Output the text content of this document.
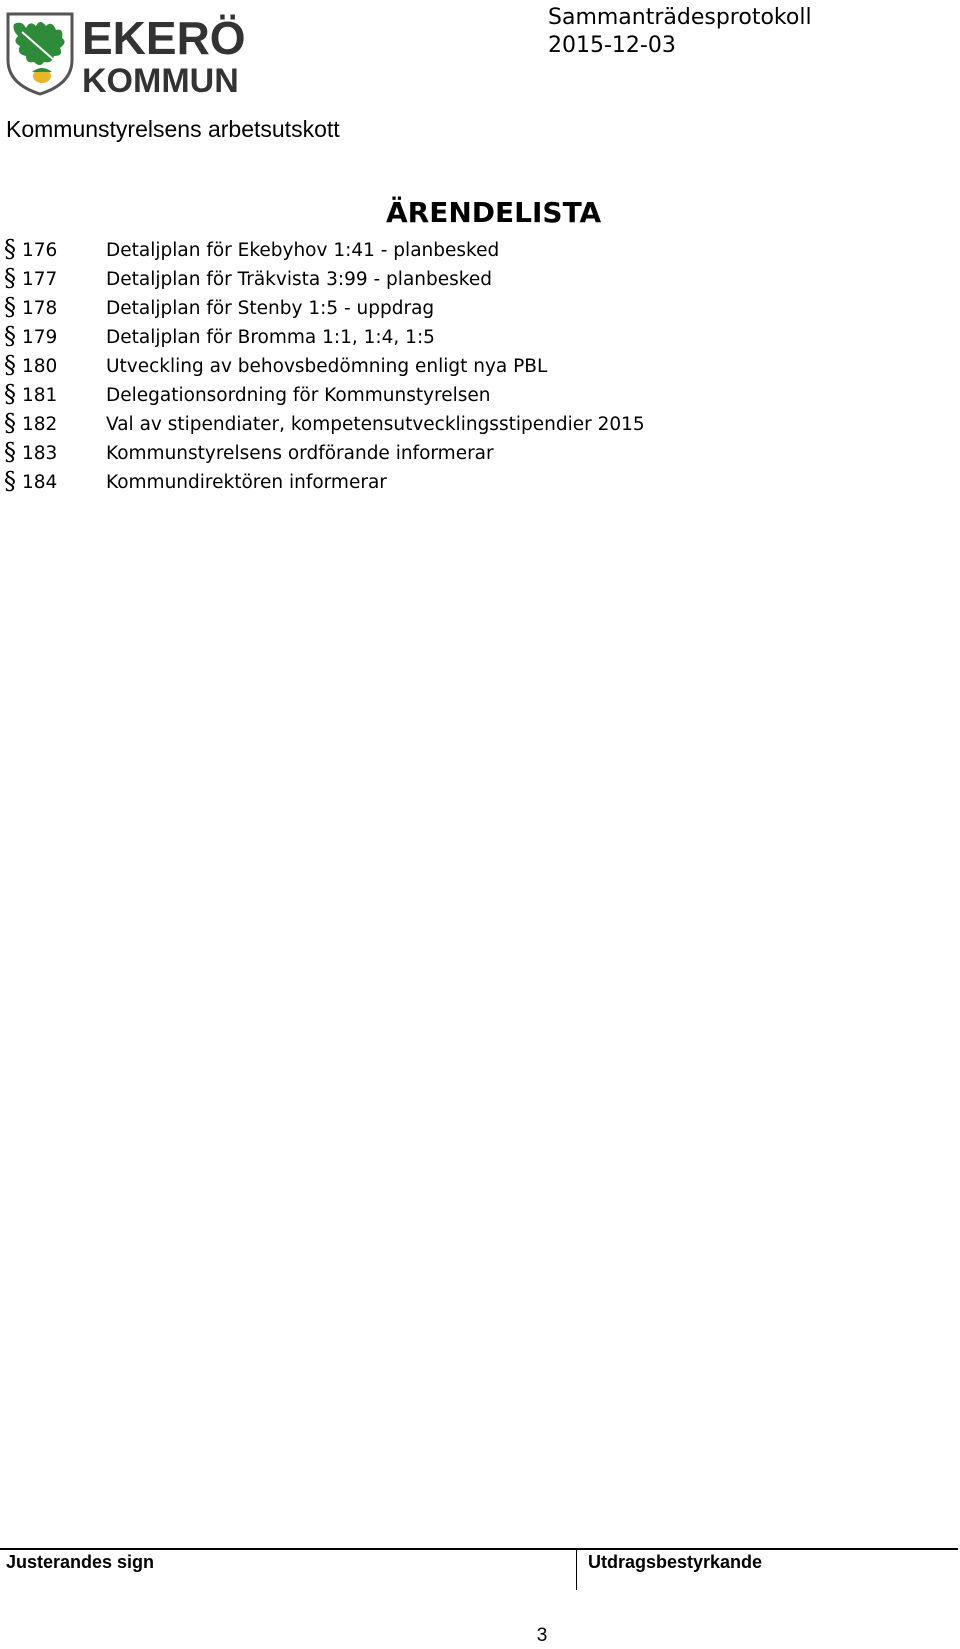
EKERÖ
KOMMUN
Sammanträdesprotokoll
2015-12-03
Kommunstyrelsens arbetsutskott
ÄRENDELISTA
§ 176	Detaljplan för Ekebyhov 1:41 - planbesked
§ 177	Detaljplan för Träkvista 3:99 - planbesked
§ 178	Detaljplan för Stenby 1:5 - uppdrag
§ 179	Detaljplan för Bromma 1:1, 1:4, 1:5
§ 180	Utveckling av behovsbedömning enligt nya PBL
§ 181	Delegationsordning för Kommunstyrelsen
§ 182	Val av stipendiater, kompetensutvecklingsstipendier 2015
§ 183	Kommunstyrelsens ordförande informerar
§ 184	Kommundirektören informerar
Justerandes sign	Utdragsbestyrkande
3
